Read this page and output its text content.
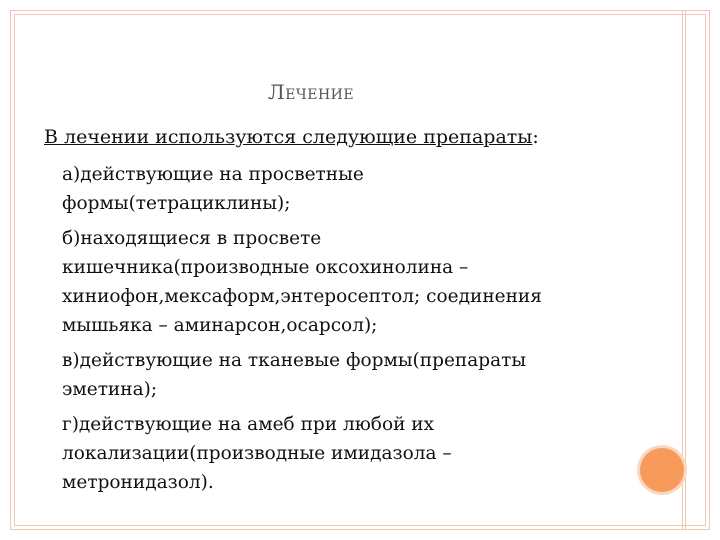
Лечение
В лечении используются следующие препараты:

а)действующие на просветные

формы(тетрациклины);

б)находящиеся в просвете

кишечника(производные оксохинолина –

хиниофон,мексаформ,энтеросептол; соединения

мышьяка – аминарсон,осарсол);

в)действующие на тканевые формы(препараты

эметина);

г)действующие на амеб при любой их

локализации(производные имидазола –

метронидазол).
